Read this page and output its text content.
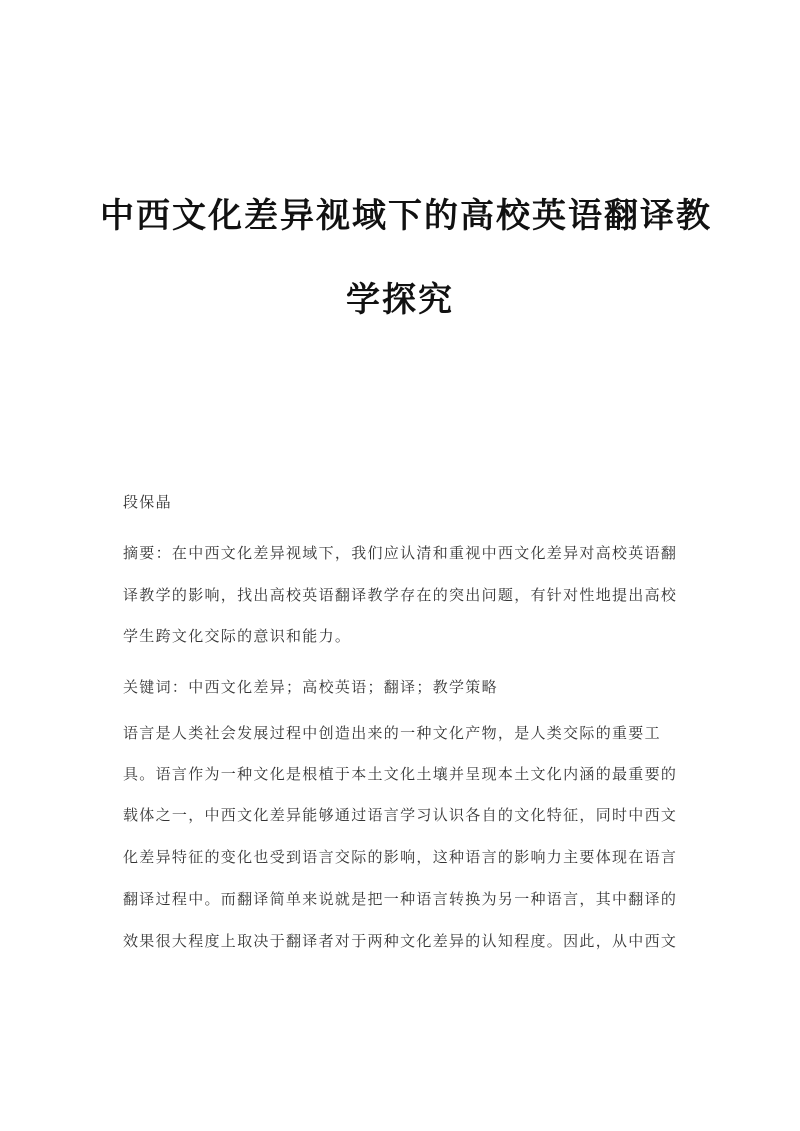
中西文化差异视域下的高校英语翻译教
学探究
段保晶
摘要：在中西文化差异视域下，我们应认清和重视中西文化差异对高校英语翻
译教学的影响，找出高校英语翻译教学存在的突出问题，有针对性地提出高校
学生跨文化交际的意识和能力。
关键词：中西文化差异；高校英语；翻译；教学策略
语言是人类社会发展过程中创造出来的一种文化产物，是人类交际的重要工
具。语言作为一种文化是根植于本土文化土壤并呈现本土文化内涵的最重要的
载体之一，中西文化差异能够通过语言学习认识各自的文化特征，同时中西文
化差异特征的变化也受到语言交际的影响，这种语言的影响力主要体现在语言
翻译过程中。而翻译简单来说就是把一种语言转换为另一种语言，其中翻译的
效果很大程度上取决于翻译者对于两种文化差异的认知程度。因此，从中西文
